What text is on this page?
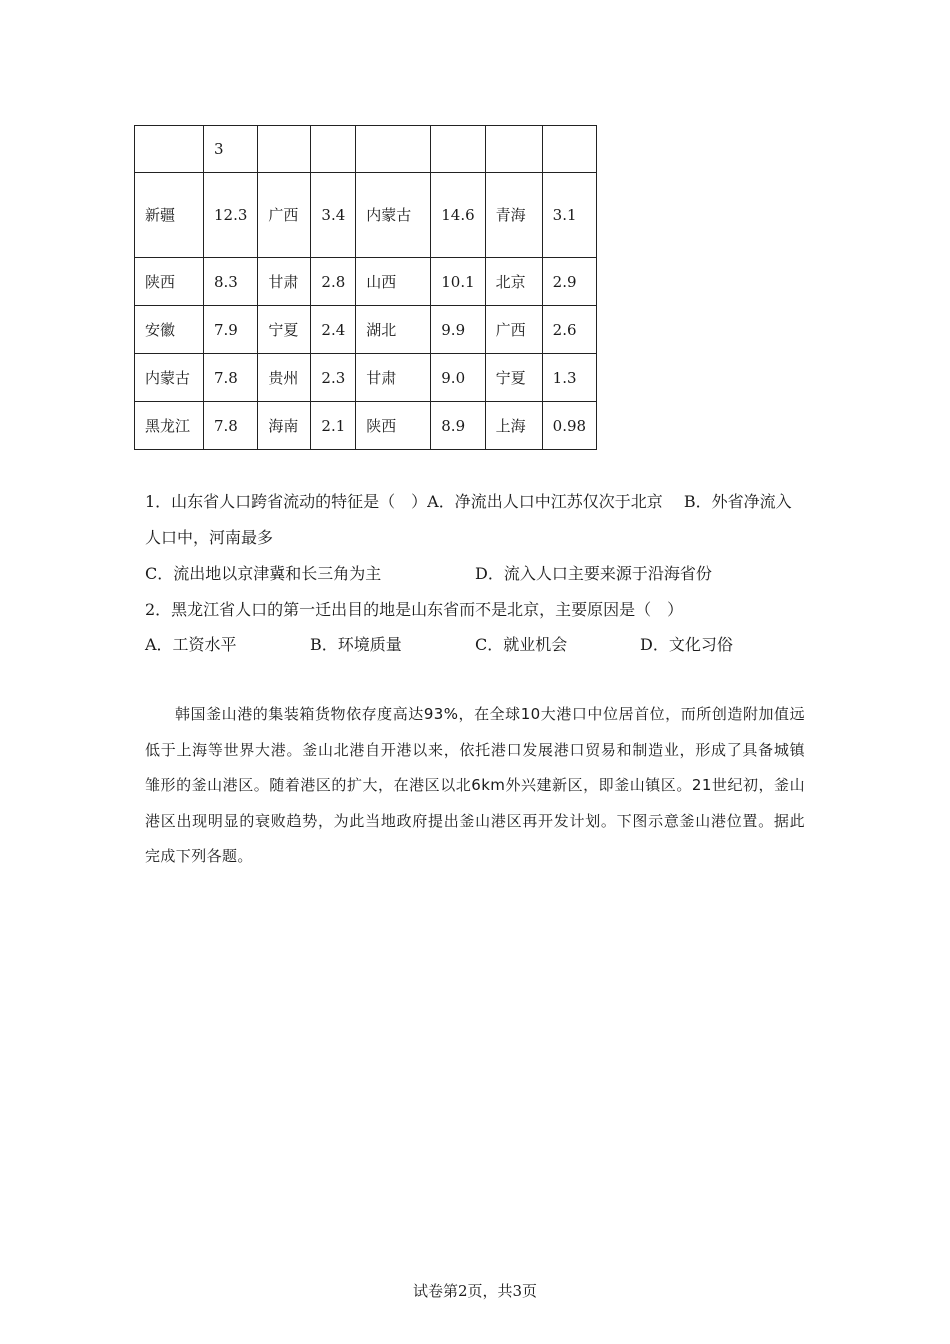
	3						
新疆	12.3	广西	3.4	内蒙古	14.6	青海	3.1
陕西	8.3	甘肃	2.8	山西	10.1	北京	2.9
安徽	7.9	宁夏	2.4	湖北	9.9	广西	2.6
内蒙古	7.8	贵州	2.3	甘肃	9.0	宁夏	1.3
黑龙江	7.8	海南	2.1	陕西	8.9	上海	0.98
1．山东省人口跨省流动的特征是（　）A．净流出人口中江苏仅次于北京　 B．外省净流入人口中，河南最多
C．流出地以京津冀和长三角为主	D．流入人口主要来源于沿海省份
2．黑龙江省人口的第一迁出目的地是山东省而不是北京，主要原因是（　）
A．工资水平	B．环境质量	C．就业机会	D．文化习俗

韩国釜山港的集装箱货物依存度高达93%，在全球10大港口中位居首位，而所创造附加值远低于上海等世界大港。釜山北港自开港以来，依托港口发展港口贸易和制造业，形成了具备城镇雏形的釜山港区。随着港区的扩大，在港区以北6km外兴建新区，即釜山镇区。21世纪初，釜山港区出现明显的衰败趋势，为此当地政府提出釜山港区再开发计划。下图示意釜山港位置。据此完成下列各题。

试卷第2页，共3页
